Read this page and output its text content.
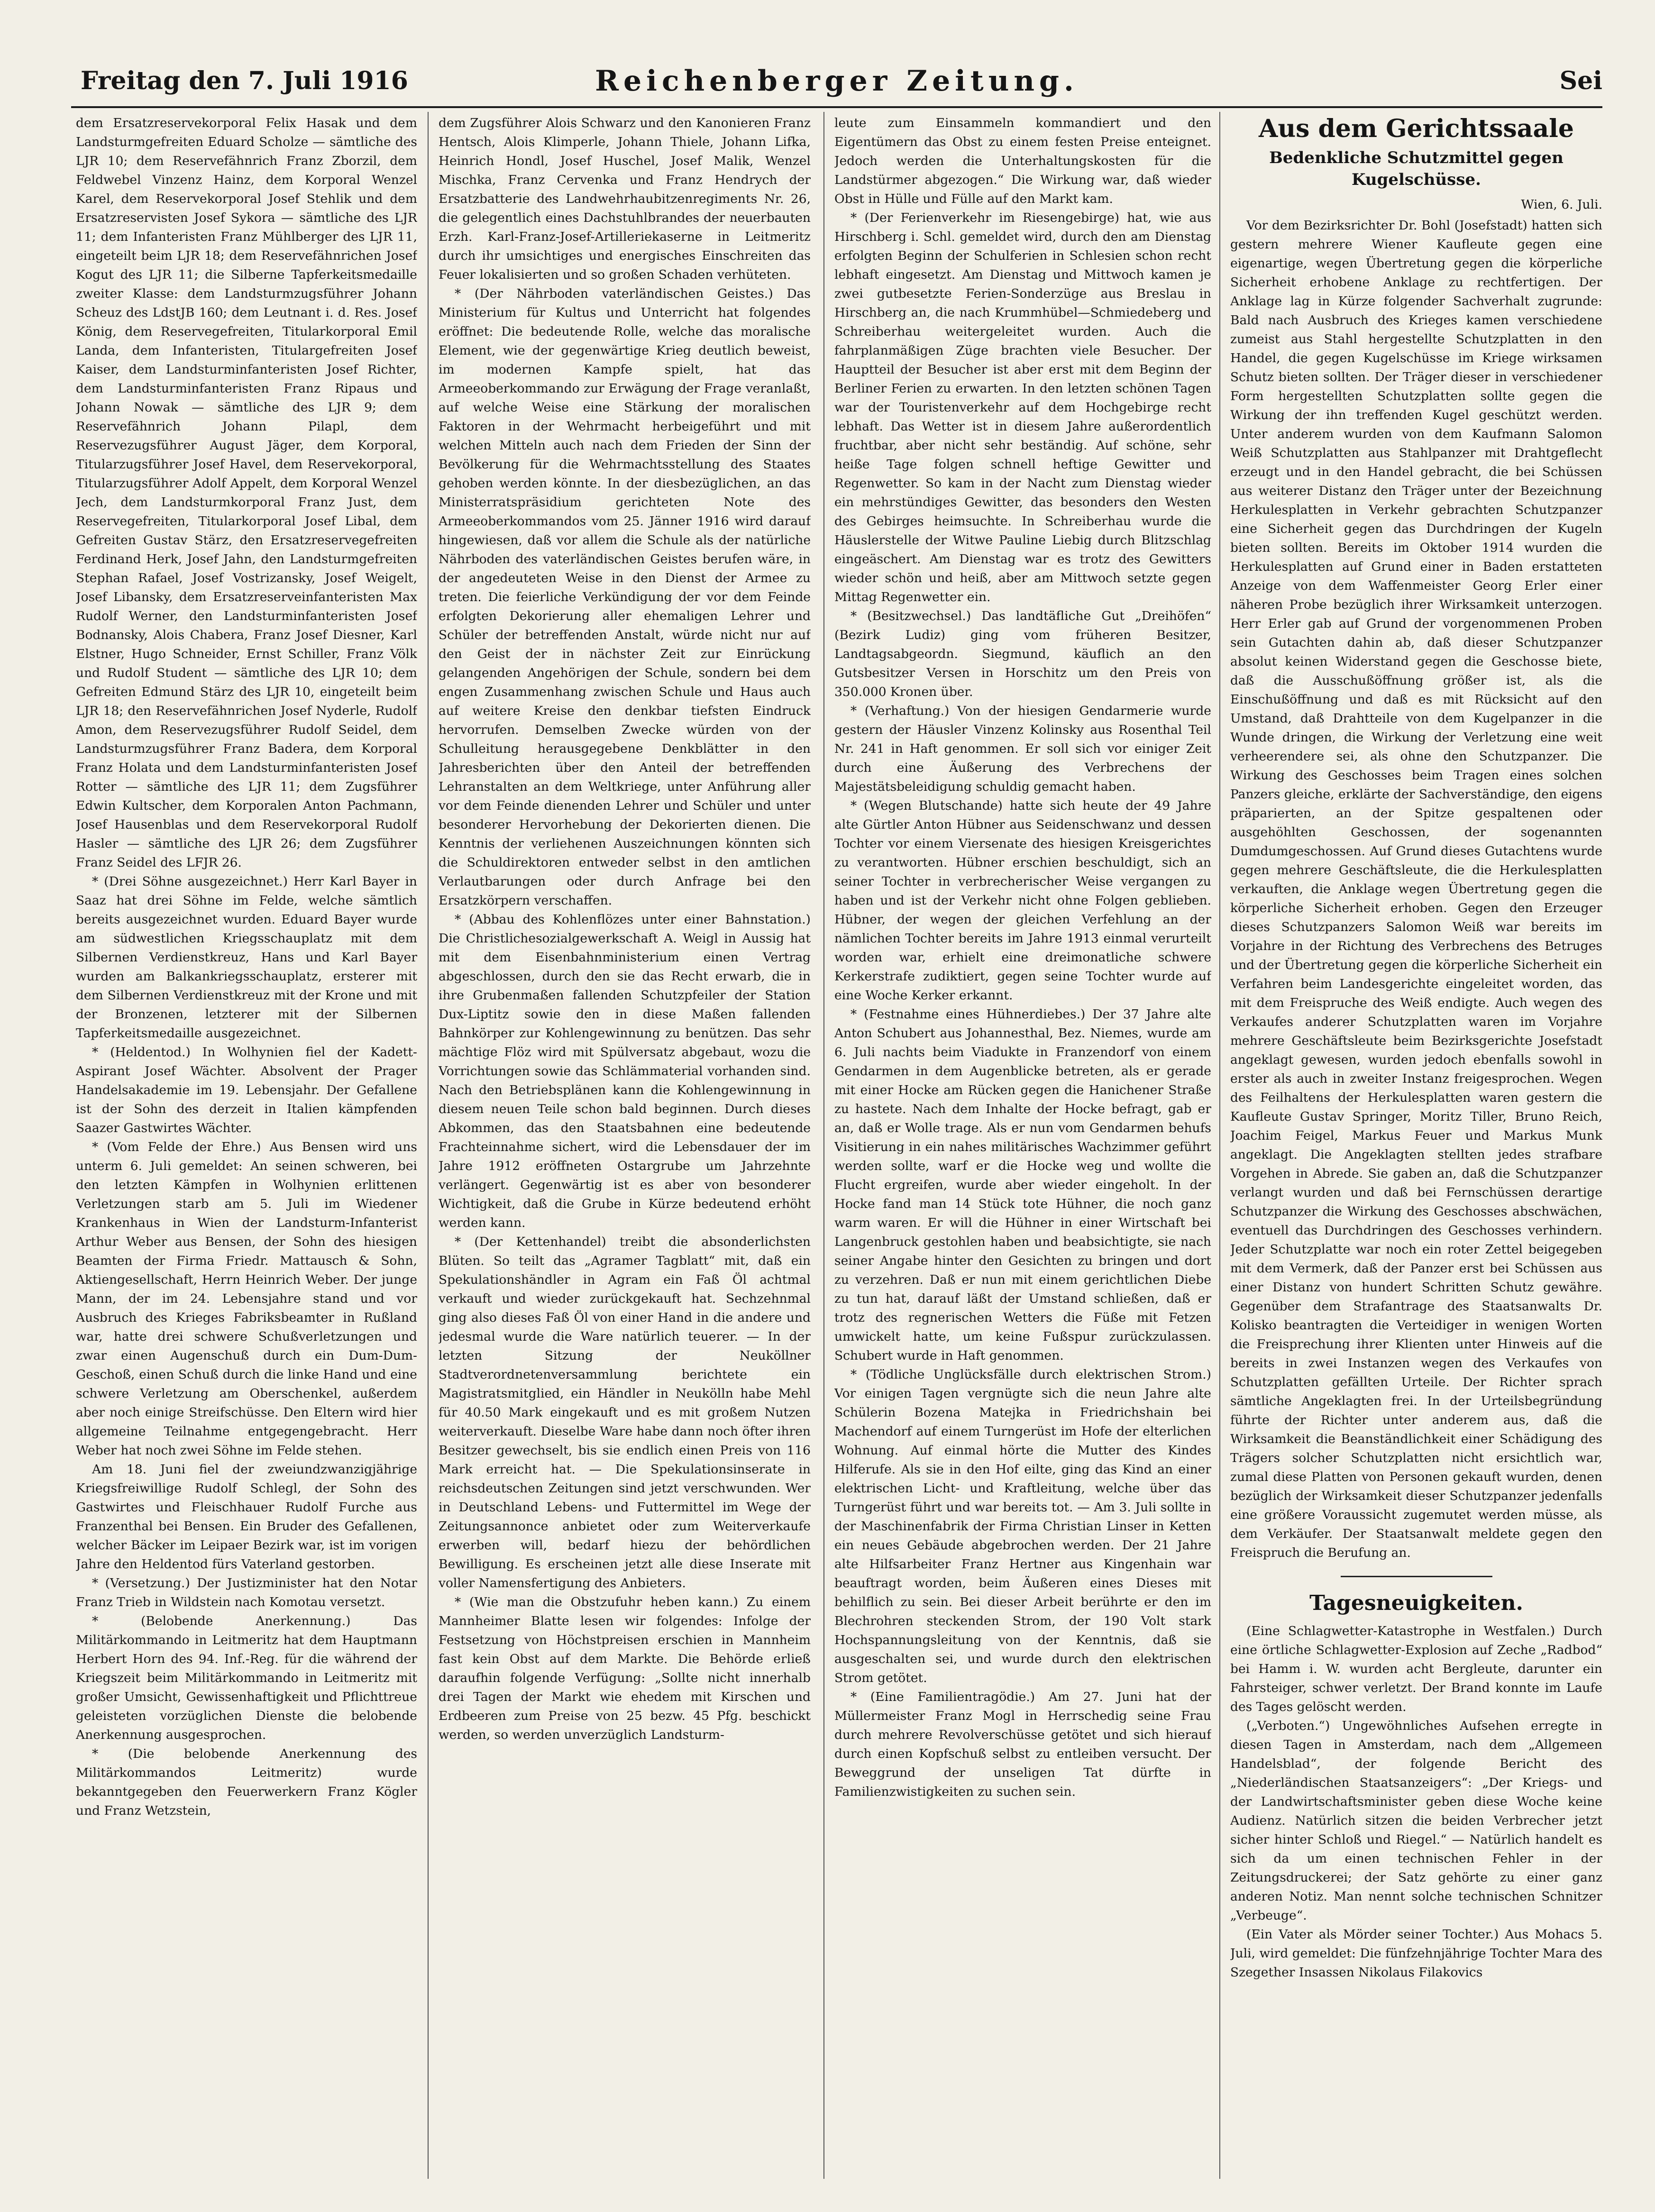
Freitag den 7. Juli 1916	Reichenberger Zeitung.	Sei

dem Ersatzreservekorporal Felix Hasak und dem Landsturmgefreiten Eduard Scholze — sämtliche des LJR 10; dem Reservefähnrich Franz Zborzil, dem Feldwebel Vinzenz Hainz, dem Korporal Wenzel Karel, dem Reservekorporal Josef Stehlik und dem Ersatzreservisten Josef Sykora — sämtliche des LJR 11; dem Infanteristen Franz Mühlberger des LJR 11, eingeteilt beim LJR 18; dem Reservefähnrichen Josef Kogut des LJR 11; die Silberne Tapferkeitsmedaille zweiter Klasse: dem Landsturmzugsführer Johann Scheuz des LdstJB 160; dem Leutnant i. d. Res. Josef König, dem Reservegefreiten, Titularkorporal Emil Landa, dem Infanteristen, Titulargefreiten Josef Kaiser, dem Landsturminfanteristen Josef Richter, dem Landsturminfanteristen Franz Ripaus und Johann Nowak — sämtliche des LJR 9; dem Reservefähnrich Johann Pilapl, dem Reservezugsführer August Jäger, dem Korporal, Titularzugsführer Josef Havel, dem Reservekorporal, Titularzugsführer Adolf Appelt, dem Korporal Wenzel Jech, dem Landsturmkorporal Franz Just, dem Reservegefreiten, Titularkorporal Josef Libal, dem Gefreiten Gustav Stärz, den Ersatzreservegefreiten Ferdinand Herk, Josef Jahn, den Landsturmgefreiten Stephan Rafael, Josef Vostrizansky, Josef Weigelt, Josef Libansky, dem Ersatzreserveinfanteristen Max Rudolf Werner, den Landsturminfanteristen Josef Bodnansky, Alois Chabera, Franz Josef Diesner, Karl Elstner, Hugo Schneider, Ernst Schiller, Franz Völk und Rudolf Student — sämtliche des LJR 10; dem Gefreiten Edmund Stärz des LJR 10, eingeteilt beim LJR 18; den Reservefähnrichen Josef Nyderle, Rudolf Amon, dem Reservezugsführer Rudolf Seidel, dem Landsturmzugsführer Franz Badera, dem Korporal Franz Holata und dem Landsturminfanteristen Josef Rotter — sämtliche des LJR 11; dem Zugsführer Edwin Kultscher, dem Korporalen Anton Pachmann, Josef Hausenblas und dem Reservekorporal Rudolf Hasler — sämtliche des LJR 26; dem Zugsführer Franz Seidel des LFJR 26.

* (Drei Söhne ausgezeichnet.) Herr Karl Bayer in Saaz hat drei Söhne im Felde, welche sämtlich bereits ausgezeichnet wurden. Eduard Bayer wurde am südwestlichen Kriegsschauplatz mit dem Silbernen Verdienstkreuz, Hans und Karl Bayer wurden am Balkankriegsschauplatz, ersterer mit dem Silbernen Verdienstkreuz mit der Krone und mit der Bronzenen, letzterer mit der Silbernen Tapferkeitsmedaille ausgezeichnet.

* (Heldentod.) In Wolhynien fiel der Kadett-Aspirant Josef Wächter. Absolvent der Prager Handelsakademie im 19. Lebensjahr. Der Gefallene ist der Sohn des derzeit in Italien kämpfenden Saazer Gastwirtes Wächter.

* (Vom Felde der Ehre.) Aus Bensen wird uns unterm 6. Juli gemeldet: An seinen schweren, bei den letzten Kämpfen in Wolhynien erlittenen Verletzungen starb am 5. Juli im Wiedener Krankenhaus in Wien der Landsturm-Infanterist Arthur Weber aus Bensen, der Sohn des hiesigen Beamten der Firma Friedr. Mattausch & Sohn, Aktiengesellschaft, Herrn Heinrich Weber. Der junge Mann, der im 24. Lebensjahre stand und vor Ausbruch des Krieges Fabriksbeamter in Rußland war, hatte drei schwere Schußverletzungen und zwar einen Augenschuß durch ein Dum-Dum-Geschoß, einen Schuß durch die linke Hand und eine schwere Verletzung am Oberschenkel, außerdem aber noch einige Streifschüsse. Den Eltern wird hier allgemeine Teilnahme entgegengebracht. Herr Weber hat noch zwei Söhne im Felde stehen.

Am 18. Juni fiel der zweiundzwanzigjährige Kriegsfreiwillige Rudolf Schlegl, der Sohn des Gastwirtes und Fleischhauer Rudolf Furche aus Franzenthal bei Bensen. Ein Bruder des Gefallenen, welcher Bäcker im Leipaer Bezirk war, ist im vorigen Jahre den Heldentod fürs Vaterland gestorben.

* (Versetzung.) Der Justizminister hat den Notar Franz Trieb in Wildstein nach Komotau versetzt.

* (Belobende Anerkennung.) Das Militärkommando in Leitmeritz hat dem Hauptmann Herbert Horn des 94. Inf.-Reg. für die während der Kriegszeit beim Militärkommando in Leitmeritz mit großer Umsicht, Gewissenhaftigkeit und Pflichttreue geleisteten vorzüglichen Dienste die belobende Anerkennung ausgesprochen.

* (Die belobende Anerkennung des Militärkommandos Leitmeritz) wurde bekanntgegeben den Feuerwerkern Franz Kögler und Franz Wetzstein,

dem Zugsführer Alois Schwarz und den Kanonieren Franz Hentsch, Alois Klimperle, Johann Thiele, Johann Lifka, Heinrich Hondl, Josef Huschel, Josef Malik, Wenzel Mischka, Franz Cervenka und Franz Hendrych der Ersatzbatterie des Landwehrhaubitzenregiments Nr. 26, die gelegentlich eines Dachstuhlbrandes der neuerbauten Erzh. Karl-Franz-Josef-Artilleriekaserne in Leitmeritz durch ihr umsichtiges und energisches Einschreiten das Feuer lokalisierten und so großen Schaden verhüteten.

* (Der Nährboden vaterländischen Geistes.) Das Ministerium für Kultus und Unterricht hat folgendes eröffnet: Die bedeutende Rolle, welche das moralische Element, wie der gegenwärtige Krieg deutlich beweist, im modernen Kampfe spielt, hat das Armeeoberkommando zur Erwägung der Frage veranlaßt, auf welche Weise eine Stärkung der moralischen Faktoren in der Wehrmacht herbeigeführt und mit welchen Mitteln auch nach dem Frieden der Sinn der Bevölkerung für die Wehrmachtsstellung des Staates gehoben werden könnte. In der diesbezüglichen, an das Ministerratspräsidium gerichteten Note des Armeeoberkommandos vom 25. Jänner 1916 wird darauf hingewiesen, daß vor allem die Schule als der natürliche Nährboden des vaterländischen Geistes berufen wäre, in der angedeuteten Weise in den Dienst der Armee zu treten. Die feierliche Verkündigung der vor dem Feinde erfolgten Dekorierung aller ehemaligen Lehrer und Schüler der betreffenden Anstalt, würde nicht nur auf den Geist der in nächster Zeit zur Einrückung gelangenden Angehörigen der Schule, sondern bei dem engen Zusammenhang zwischen Schule und Haus auch auf weitere Kreise den denkbar tiefsten Eindruck hervorrufen. Demselben Zwecke würden von der Schulleitung herausgegebene Denkblätter in den Jahresberichten über den Anteil der betreffenden Lehranstalten an dem Weltkriege, unter Anführung aller vor dem Feinde dienenden Lehrer und Schüler und unter besonderer Hervorhebung der Dekorierten dienen. Die Kenntnis der verliehenen Auszeichnungen könnten sich die Schuldirektoren entweder selbst in den amtlichen Verlautbarungen oder durch Anfrage bei den Ersatzkörpern verschaffen.

* (Abbau des Kohlenflözes unter einer Bahnstation.) Die Christlichesozialgewerkschaft A. Weigl in Aussig hat mit dem Eisenbahnministerium einen Vertrag abgeschlossen, durch den sie das Recht erwarb, die in ihre Grubenmaßen fallenden Schutzpfeiler der Station Dux-Liptitz sowie den in diese Maßen fallenden Bahnkörper zur Kohlengewinnung zu benützen. Das sehr mächtige Flöz wird mit Spülversatz abgebaut, wozu die Vorrichtungen sowie das Schlämmaterial vorhanden sind. Nach den Betriebsplänen kann die Kohlengewinnung in diesem neuen Teile schon bald beginnen. Durch dieses Abkommen, das den Staatsbahnen eine bedeutende Frachteinnahme sichert, wird die Lebensdauer der im Jahre 1912 eröffneten Ostargrube um Jahrzehnte verlängert. Gegenwärtig ist es aber von besonderer Wichtigkeit, daß die Grube in Kürze bedeutend erhöht werden kann.

* (Der Kettenhandel) treibt die absonderlichsten Blüten. So teilt das „Agramer Tagblatt“ mit, daß ein Spekulationshändler in Agram ein Faß Öl achtmal verkauft und wieder zurückgekauft hat. Sechzehnmal ging also dieses Faß Öl von einer Hand in die andere und jedesmal wurde die Ware natürlich teuerer. — In der letzten Sitzung der Neuköllner Stadtverordnetenversammlung berichtete ein Magistratsmitglied, ein Händler in Neukölln habe Mehl für 40.50 Mark eingekauft und es mit großem Nutzen weiterverkauft. Dieselbe Ware habe dann noch öfter ihren Besitzer gewechselt, bis sie endlich einen Preis von 116 Mark erreicht hat. — Die Spekulationsinserate in reichsdeutschen Zeitungen sind jetzt verschwunden. Wer in Deutschland Lebens- und Futtermittel im Wege der Zeitungsannonce anbietet oder zum Weiterverkaufe erwerben will, bedarf hiezu der behördlichen Bewilligung. Es erscheinen jetzt alle diese Inserate mit voller Namensfertigung des Anbieters.

* (Wie man die Obstzufuhr heben kann.) Zu einem Mannheimer Blatte lesen wir folgendes: Infolge der Festsetzung von Höchstpreisen erschien in Mannheim fast kein Obst auf dem Markte. Die Behörde erließ daraufhin folgende Verfügung: „Sollte nicht innerhalb drei Tagen der Markt wie ehedem mit Kirschen und Erdbeeren zum Preise von 25 bezw. 45 Pfg. beschickt werden, so werden unverzüglich Landsturm-

leute zum Einsammeln kommandiert und den Eigentümern das Obst zu einem festen Preise enteignet. Jedoch werden die Unterhaltungskosten für die Landstürmer abgezogen.“ Die Wirkung war, daß wieder Obst in Hülle und Fülle auf den Markt kam.

* (Der Ferienverkehr im Riesengebirge) hat, wie aus Hirschberg i. Schl. gemeldet wird, durch den am Dienstag erfolgten Beginn der Schulferien in Schlesien schon recht lebhaft eingesetzt. Am Dienstag und Mittwoch kamen je zwei gutbesetzte Ferien-Sonderzüge aus Breslau in Hirschberg an, die nach Krummhübel—Schmiedeberg und Schreiberhau weitergeleitet wurden. Auch die fahrplanmäßigen Züge brachten viele Besucher. Der Hauptteil der Besucher ist aber erst mit dem Beginn der Berliner Ferien zu erwarten. In den letzten schönen Tagen war der Touristenverkehr auf dem Hochgebirge recht lebhaft. Das Wetter ist in diesem Jahre außerordentlich fruchtbar, aber nicht sehr beständig. Auf schöne, sehr heiße Tage folgen schnell heftige Gewitter und Regenwetter. So kam in der Nacht zum Dienstag wieder ein mehrstündiges Gewitter, das besonders den Westen des Gebirges heimsuchte. In Schreiberhau wurde die Häuslerstelle der Witwe Pauline Liebig durch Blitzschlag eingeäschert. Am Dienstag war es trotz des Gewitters wieder schön und heiß, aber am Mittwoch setzte gegen Mittag Regenwetter ein.

* (Besitzwechsel.) Das landtäfliche Gut „Dreihöfen“ (Bezirk Ludiz) ging vom früheren Besitzer, Landtagsabgeordn. Siegmund, käuflich an den Gutsbesitzer Versen in Horschitz um den Preis von 350.000 Kronen über.

* (Verhaftung.) Von der hiesigen Gendarmerie wurde gestern der Häusler Vinzenz Kolinsky aus Rosenthal Teil Nr. 241 in Haft genommen. Er soll sich vor einiger Zeit durch eine Äußerung des Verbrechens der Majestätsbeleidigung schuldig gemacht haben.

* (Wegen Blutschande) hatte sich heute der 49 Jahre alte Gürtler Anton Hübner aus Seidenschwanz und dessen Tochter vor einem Viersenate des hiesigen Kreisgerichtes zu verantworten. Hübner erschien beschuldigt, sich an seiner Tochter in verbrecherischer Weise vergangen zu haben und ist der Verkehr nicht ohne Folgen geblieben. Hübner, der wegen der gleichen Verfehlung an der nämlichen Tochter bereits im Jahre 1913 einmal verurteilt worden war, erhielt eine dreimonatliche schwere Kerkerstrafe zudiktiert, gegen seine Tochter wurde auf eine Woche Kerker erkannt.

* (Festnahme eines Hühnerdiebes.) Der 37 Jahre alte Anton Schubert aus Johannesthal, Bez. Niemes, wurde am 6. Juli nachts beim Viadukte in Franzendorf von einem Gendarmen in dem Augenblicke betreten, als er gerade mit einer Hocke am Rücken gegen die Hanichener Straße zu hastete. Nach dem Inhalte der Hocke befragt, gab er an, daß er Wolle trage. Als er nun vom Gendarmen behufs Visitierung in ein nahes militärisches Wachzimmer geführt werden sollte, warf er die Hocke weg und wollte die Flucht ergreifen, wurde aber wieder eingeholt. In der Hocke fand man 14 Stück tote Hühner, die noch ganz warm waren. Er will die Hühner in einer Wirtschaft bei Langenbruck gestohlen haben und beabsichtigte, sie nach seiner Angabe hinter den Gesichten zu bringen und dort zu verzehren. Daß er nun mit einem gerichtlichen Diebe zu tun hat, darauf läßt der Umstand schließen, daß er trotz des regnerischen Wetters die Füße mit Fetzen umwickelt hatte, um keine Fußspur zurückzulassen. Schubert wurde in Haft genommen.

* (Tödliche Unglücksfälle durch elektrischen Strom.) Vor einigen Tagen vergnügte sich die neun Jahre alte Schülerin Bozena Matejka in Friedrichshain bei Machendorf auf einem Turngerüst im Hofe der elterlichen Wohnung. Auf einmal hörte die Mutter des Kindes Hilferufe. Als sie in den Hof eilte, ging das Kind an einer elektrischen Licht- und Kraftleitung, welche über das Turngerüst führt und war bereits tot. — Am 3. Juli sollte in der Maschinenfabrik der Firma Christian Linser in Ketten ein neues Gebäude abgebrochen werden. Der 21 Jahre alte Hilfsarbeiter Franz Hertner aus Kingenhain war beauftragt worden, beim Äußeren eines Dieses mit behilflich zu sein. Bei dieser Arbeit berührte er den im Blechrohren steckenden Strom, der 190 Volt stark Hochspannungsleitung von der Kenntnis, daß sie ausgeschalten sei, und wurde durch den elektrischen Strom getötet.

* (Eine Familientragödie.) Am 27. Juni hat der Müllermeister Franz Mogl in Herrschedig seine Frau durch mehrere Revolverschüsse getötet und sich hierauf durch einen Kopfschuß selbst zu entleiben versucht. Der Beweggrund der unseligen Tat dürfte in Familienzwistigkeiten zu suchen sein.

Aus dem Gerichtssaale
Bedenkliche Schutzmittel gegen Kugelschüsse.
Wien, 6. Juli.

Vor dem Bezirksrichter Dr. Bohl (Josefstadt) hatten sich gestern mehrere Wiener Kaufleute gegen eine eigenartige, wegen Übertretung gegen die körperliche Sicherheit erhobene Anklage zu rechtfertigen. Der Anklage lag in Kürze folgender Sachverhalt zugrunde: Bald nach Ausbruch des Krieges kamen verschiedene zumeist aus Stahl hergestellte Schutzplatten in den Handel, die gegen Kugelschüsse im Kriege wirksamen Schutz bieten sollten. Der Träger dieser in verschiedener Form hergestellten Schutzplatten sollte gegen die Wirkung der ihn treffenden Kugel geschützt werden. Unter anderem wurden von dem Kaufmann Salomon Weiß Schutzplatten aus Stahlpanzer mit Drahtgeflecht erzeugt und in den Handel gebracht, die bei Schüssen aus weiterer Distanz den Träger unter der Bezeichnung Herkulesplatten in Verkehr gebrachten Schutzpanzer eine Sicherheit gegen das Durchdringen der Kugeln bieten sollten. Bereits im Oktober 1914 wurden die Herkulesplatten auf Grund einer in Baden erstatteten Anzeige von dem Waffenmeister Georg Erler einer näheren Probe bezüglich ihrer Wirksamkeit unterzogen. Herr Erler gab auf Grund der vorgenommenen Proben sein Gutachten dahin ab, daß dieser Schutzpanzer absolut keinen Widerstand gegen die Geschosse biete, daß die Ausschußöffnung größer ist, als die Einschußöffnung und daß es mit Rücksicht auf den Umstand, daß Drahtteile von dem Kugelpanzer in die Wunde dringen, die Wirkung der Verletzung eine weit verheerendere sei, als ohne den Schutzpanzer. Die Wirkung des Geschosses beim Tragen eines solchen Panzers gleiche, erklärte der Sachverständige, den eigens präparierten, an der Spitze gespaltenen oder ausgehöhlten Geschossen, der sogenannten Dumdumgeschossen. Auf Grund dieses Gutachtens wurde gegen mehrere Geschäftsleute, die die Herkulesplatten verkauften, die Anklage wegen Übertretung gegen die körperliche Sicherheit erhoben. Gegen den Erzeuger dieses Schutzpanzers Salomon Weiß war bereits im Vorjahre in der Richtung des Verbrechens des Betruges und der Übertretung gegen die körperliche Sicherheit ein Verfahren beim Landesgerichte eingeleitet worden, das mit dem Freispruche des Weiß endigte. Auch wegen des Verkaufes anderer Schutzplatten waren im Vorjahre mehrere Geschäftsleute beim Bezirksgerichte Josefstadt angeklagt gewesen, wurden jedoch ebenfalls sowohl in erster als auch in zweiter Instanz freigesprochen. Wegen des Feilhaltens der Herkulesplatten waren gestern die Kaufleute Gustav Springer, Moritz Tiller, Bruno Reich, Joachim Feigel, Markus Feuer und Markus Munk angeklagt. Die Angeklagten stellten jedes strafbare Vorgehen in Abrede. Sie gaben an, daß die Schutzpanzer verlangt wurden und daß bei Fernschüssen derartige Schutzpanzer die Wirkung des Geschosses abschwächen, eventuell das Durchdringen des Geschosses verhindern. Jeder Schutzplatte war noch ein roter Zettel beigegeben mit dem Vermerk, daß der Panzer erst bei Schüssen aus einer Distanz von hundert Schritten Schutz gewähre. Gegenüber dem Strafantrage des Staatsanwalts Dr. Kolisko beantragten die Verteidiger in wenigen Worten die Freisprechung ihrer Klienten unter Hinweis auf die bereits in zwei Instanzen wegen des Verkaufes von Schutzplatten gefällten Urteile. Der Richter sprach sämtliche Angeklagten frei. In der Urteilsbegründung führte der Richter unter anderem aus, daß die Wirksamkeit die Beanständlichkeit einer Schädigung des Trägers solcher Schutzplatten nicht ersichtlich war, zumal diese Platten von Personen gekauft wurden, denen bezüglich der Wirksamkeit dieser Schutzpanzer jedenfalls eine größere Voraussicht zugemutet werden müsse, als dem Verkäufer. Der Staatsanwalt meldete gegen den Freispruch die Berufung an.

Tagesneuigkeiten.

(Eine Schlagwetter-Katastrophe in Westfalen.) Durch eine örtliche Schlagwetter-Explosion auf Zeche „Radbod“ bei Hamm i. W. wurden acht Bergleute, darunter ein Fahrsteiger, schwer verletzt. Der Brand konnte im Laufe des Tages gelöscht werden.

(„Verboten.“) Ungewöhnliches Aufsehen erregte in diesen Tagen in Amsterdam, nach dem „Allgemeen Handelsblad“, der folgende Bericht des „Niederländischen Staatsanzeigers“: „Der Kriegs- und der Landwirtschaftsminister geben diese Woche keine Audienz. Natürlich sitzen die beiden Verbrecher jetzt sicher hinter Schloß und Riegel.“ — Natürlich handelt es sich da um einen technischen Fehler in der Zeitungsdruckerei; der Satz gehörte zu einer ganz anderen Notiz. Man nennt solche technischen Schnitzer „Verbeuge“.

(Ein Vater als Mörder seiner Tochter.) Aus Mohacs 5. Juli, wird gemeldet: Die fünfzehnjährige Tochter Mara des Szegether Insassen Nikolaus Filakovics
